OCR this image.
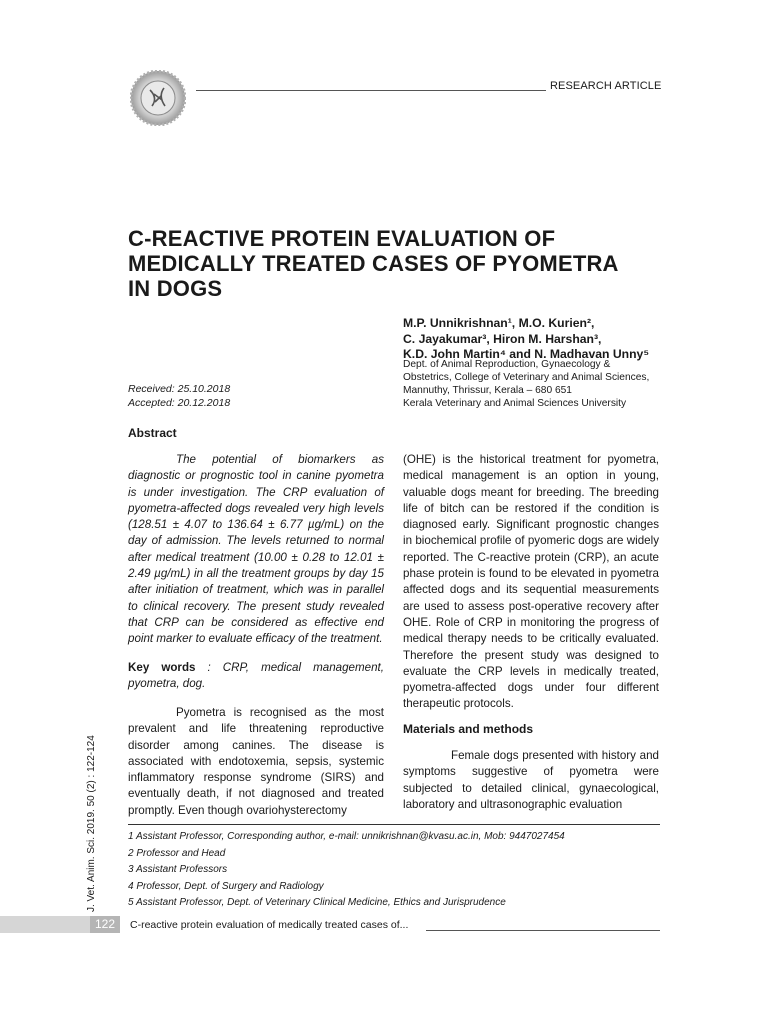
RESEARCH ARTICLE
C-REACTIVE PROTEIN EVALUATION OF
MEDICALLY TREATED CASES OF PYOMETRA
IN DOGS
M.P. Unnikrishnan¹, M.O. Kurien²,
C. Jayakumar³, Hiron M. Harshan³,
K.D. John Martin⁴ and N. Madhavan Unny⁵
Dept. of Animal Reproduction, Gynaecology &
Obstetrics, College of Veterinary and Animal Sciences,
Mannuthy, Thrissur, Kerala – 680 651
Kerala Veterinary and Animal Sciences University
Received: 25.10.2018
Accepted: 20.12.2018
Abstract
The potential of biomarkers as diagnostic or prognostic tool in canine pyometra is under investigation. The CRP evaluation of pyometra-affected dogs revealed very high levels (128.51 ± 4.07 to 136.64 ± 6.77 µg/mL) on the day of admission. The levels returned to normal after medical treatment (10.00 ± 0.28 to 12.01 ± 2.49 µg/mL) in all the treatment groups by day 15 after initiation of treatment, which was in parallel to clinical recovery. The present study revealed that CRP can be considered as effective end point marker to evaluate efficacy of the treatment.
Key words : CRP, medical management, pyometra, dog.
Pyometra is recognised as the most prevalent and life threatening reproductive disorder among canines. The disease is associated with endotoxemia, sepsis, systemic inflammatory response syndrome (SIRS) and eventually death, if not diagnosed and treated promptly. Even though ovariohysterectomy
(OHE) is the historical treatment for pyometra, medical management is an option in young, valuable dogs meant for breeding. The breeding life of bitch can be restored if the condition is diagnosed early. Significant prognostic changes in biochemical profile of pyomeric dogs are widely reported. The C-reactive protein (CRP), an acute phase protein is found to be elevated in pyometra affected dogs and its sequential measurements are used to assess post-operative recovery after OHE. Role of CRP in monitoring the progress of medical therapy needs to be critically evaluated. Therefore the present study was designed to evaluate the CRP levels in medically treated, pyometra-affected dogs under four different therapeutic protocols.
Materials and methods
Female dogs presented with history and symptoms suggestive of pyometra were subjected to detailed clinical, gynaecological, laboratory and ultrasonographic evaluation
1 Assistant Professor, Corresponding author, e-mail: unnikrishnan@kvasu.ac.in, Mob: 9447027454
2 Professor and Head
3 Assistant Professors
4 Professor, Dept. of Surgery and Radiology
5 Assistant Professor, Dept. of Veterinary Clinical Medicine, Ethics and Jurisprudence
J. Vet. Anim. Sci. 2019. 50 (2) : 122-124
122	C-reactive protein evaluation of medically treated cases of...
